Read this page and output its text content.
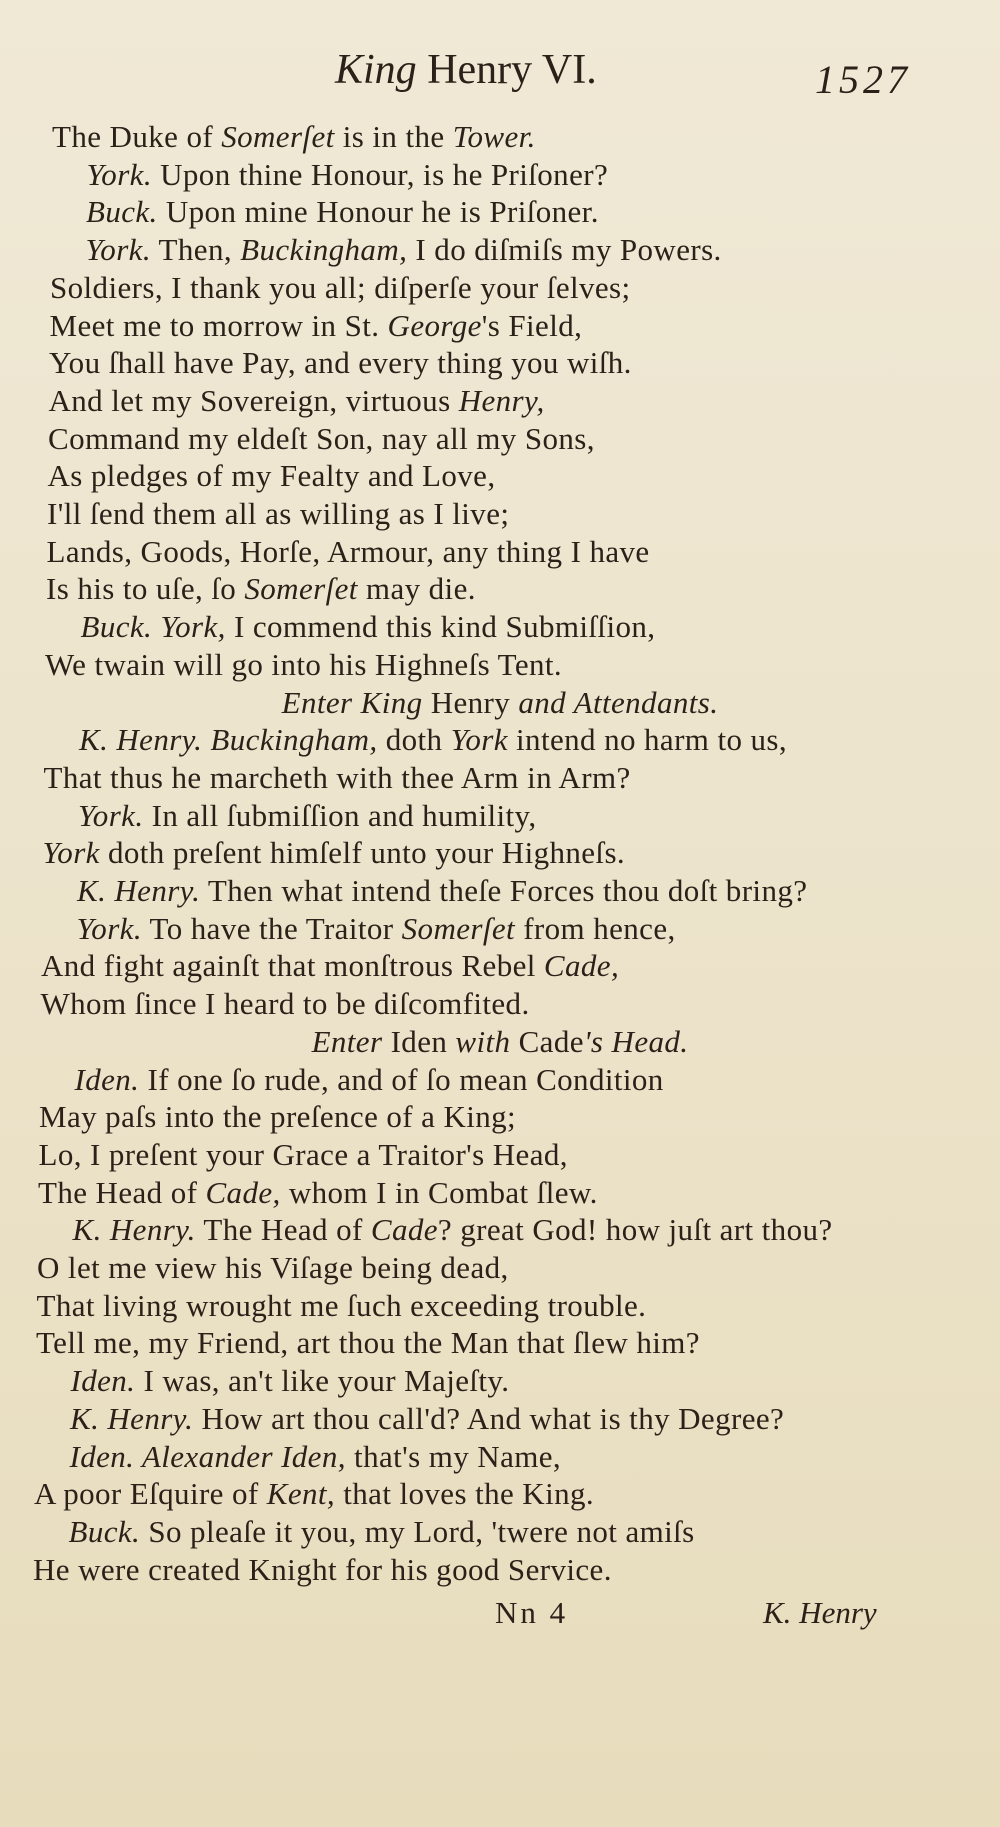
King Henry VI.	1527
The Duke of Somerſet is in the Tower.
York. Upon thine Honour, is he Priſoner?
Buck. Upon mine Honour he is Priſoner.
York. Then, Buckingham, I do diſmiſs my Powers.
Soldiers, I thank you all; diſperſe your ſelves;
Meet me to morrow in St. George's Field,
You ſhall have Pay, and every thing you wiſh.
And let my Sovereign, virtuous Henry,
Command my eldeſt Son, nay all my Sons,
As pledges of my Fealty and Love,
I'll ſend them all as willing as I live;
Lands, Goods, Horſe, Armour, any thing I have
Is his to uſe, ſo Somerſet may die.
Buck. York, I commend this kind Submiſſion,
We twain will go into his Highneſs Tent.
Enter King Henry and Attendants.
K. Henry. Buckingham, doth York intend no harm to us,
That thus he marcheth with thee Arm in Arm?
York. In all ſubmiſſion and humility,
York doth preſent himſelf unto your Highneſs.
K. Henry. Then what intend theſe Forces thou doſt bring?
York. To have the Traitor Somerſet from hence,
And fight againſt that monſtrous Rebel Cade,
Whom ſince I heard to be diſcomfited.
Enter Iden with Cade's Head.
Iden. If one ſo rude, and of ſo mean Condition
May paſs into the preſence of a King;
Lo, I preſent your Grace a Traitor's Head,
The Head of Cade, whom I in Combat ſlew.
K. Henry. The Head of Cade? great God! how juſt art thou?
O let me view his Viſage being dead,
That living wrought me ſuch exceeding trouble.
Tell me, my Friend, art thou the Man that ſlew him?
Iden. I was, an't like your Majeſty.
K. Henry. How art thou call'd? And what is thy Degree?
Iden. Alexander Iden, that's my Name,
A poor Eſquire of Kent, that loves the King.
Buck. So pleaſe it you, my Lord, 'twere not amiſs
He were created Knight for his good Service.
Nn 4	K. Henry
